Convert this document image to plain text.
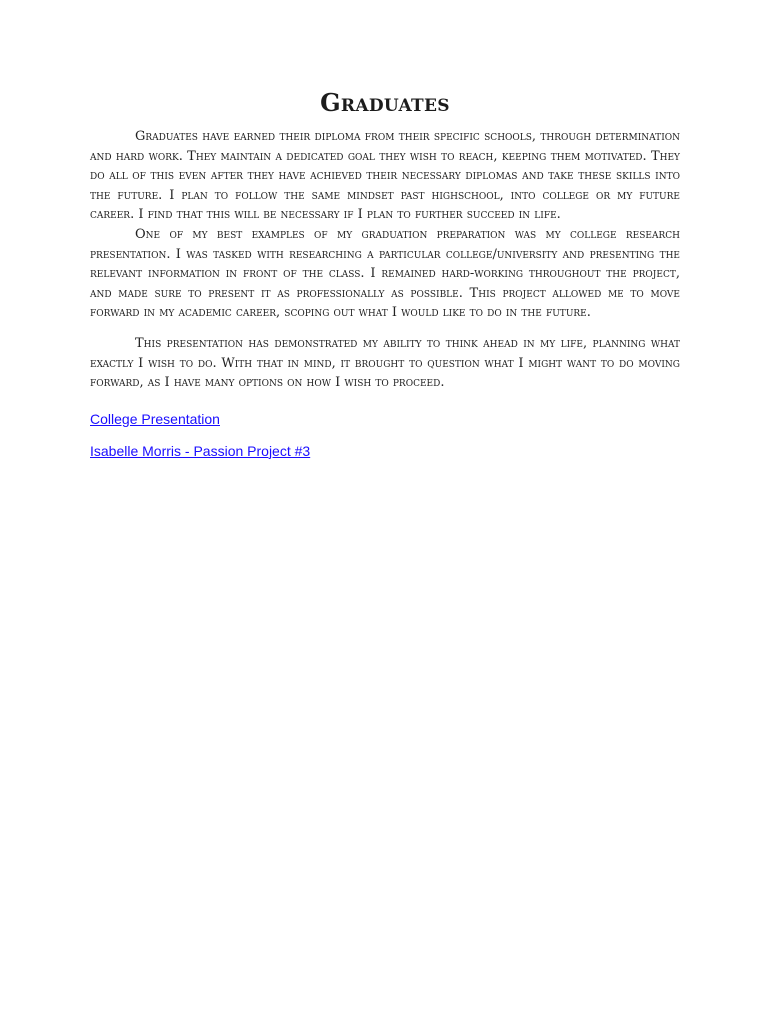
Graduates

Graduates have earned their diploma from their specific schools, through determination and hard work. They maintain a dedicated goal they wish to reach, keeping them motivated. They do all of this even after they have achieved their necessary diplomas and take these skills into the future. I plan to follow the same mindset past highschool, into college or my future career. I find that this will be necessary if I plan to further succeed in life.

One of my best examples of my graduation preparation was my college research presentation. I was tasked with researching a particular college/university and presenting the relevant information in front of the class. I remained hard-working throughout the project, and made sure to present it as professionally as possible. This project allowed me to move forward in my academic career, scoping out what I would like to do in the future.

This presentation has demonstrated my ability to think ahead in my life, planning what exactly I wish to do. With that in mind, it brought to question what I might want to do moving forward, as I have many options on how I wish to proceed.

College Presentation
Isabelle Morris - Passion Project #3
